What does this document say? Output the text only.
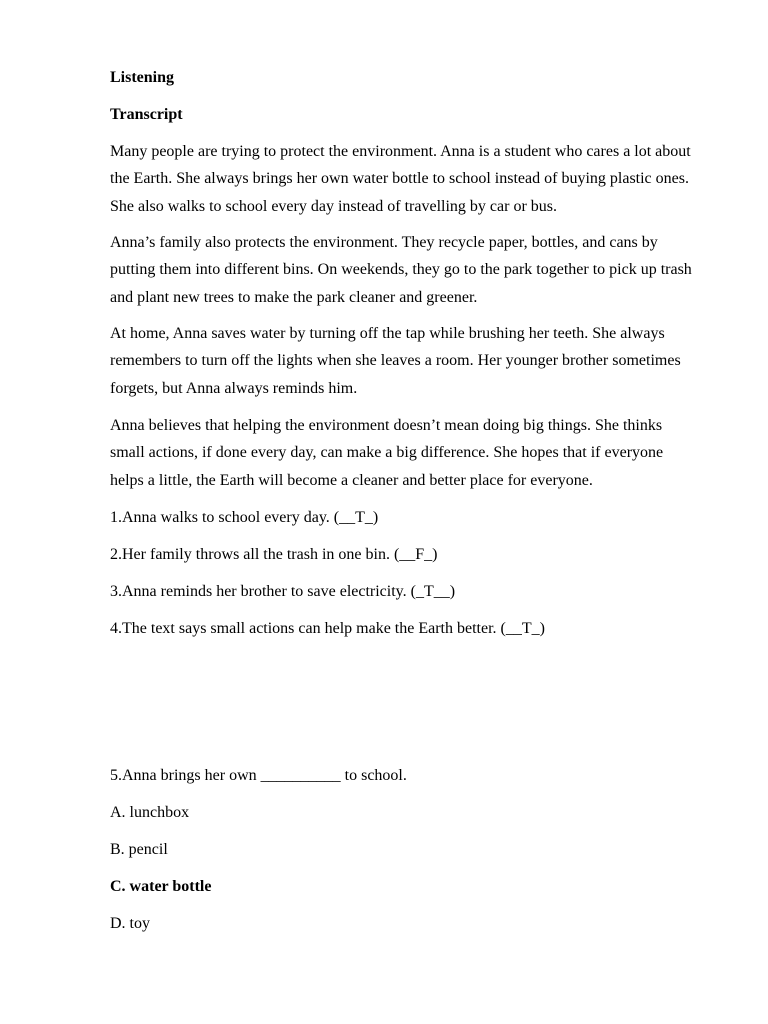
Listening
Transcript
Many people are trying to protect the environment. Anna is a student who cares a lot about the Earth. She always brings her own water bottle to school instead of buying plastic ones. She also walks to school every day instead of travelling by car or bus.
Anna’s family also protects the environment. They recycle paper, bottles, and cans by putting them into different bins. On weekends, they go to the park together to pick up trash and plant new trees to make the park cleaner and greener.
At home, Anna saves water by turning off the tap while brushing her teeth. She always remembers to turn off the lights when she leaves a room. Her younger brother sometimes forgets, but Anna always reminds him.
Anna believes that helping the environment doesn’t mean doing big things. She thinks small actions, if done every day, can make a big difference. She hopes that if everyone helps a little, the Earth will become a cleaner and better place for everyone.
1.Anna walks to school every day. (__T_)
2.Her family throws all the trash in one bin. (__F_)
3.Anna reminds her brother to save electricity. (_T__)
4.The text says small actions can help make the Earth better. (__T_)
5.Anna brings her own __________ to school.
A. lunchbox
B. pencil
C. water bottle
D. toy
